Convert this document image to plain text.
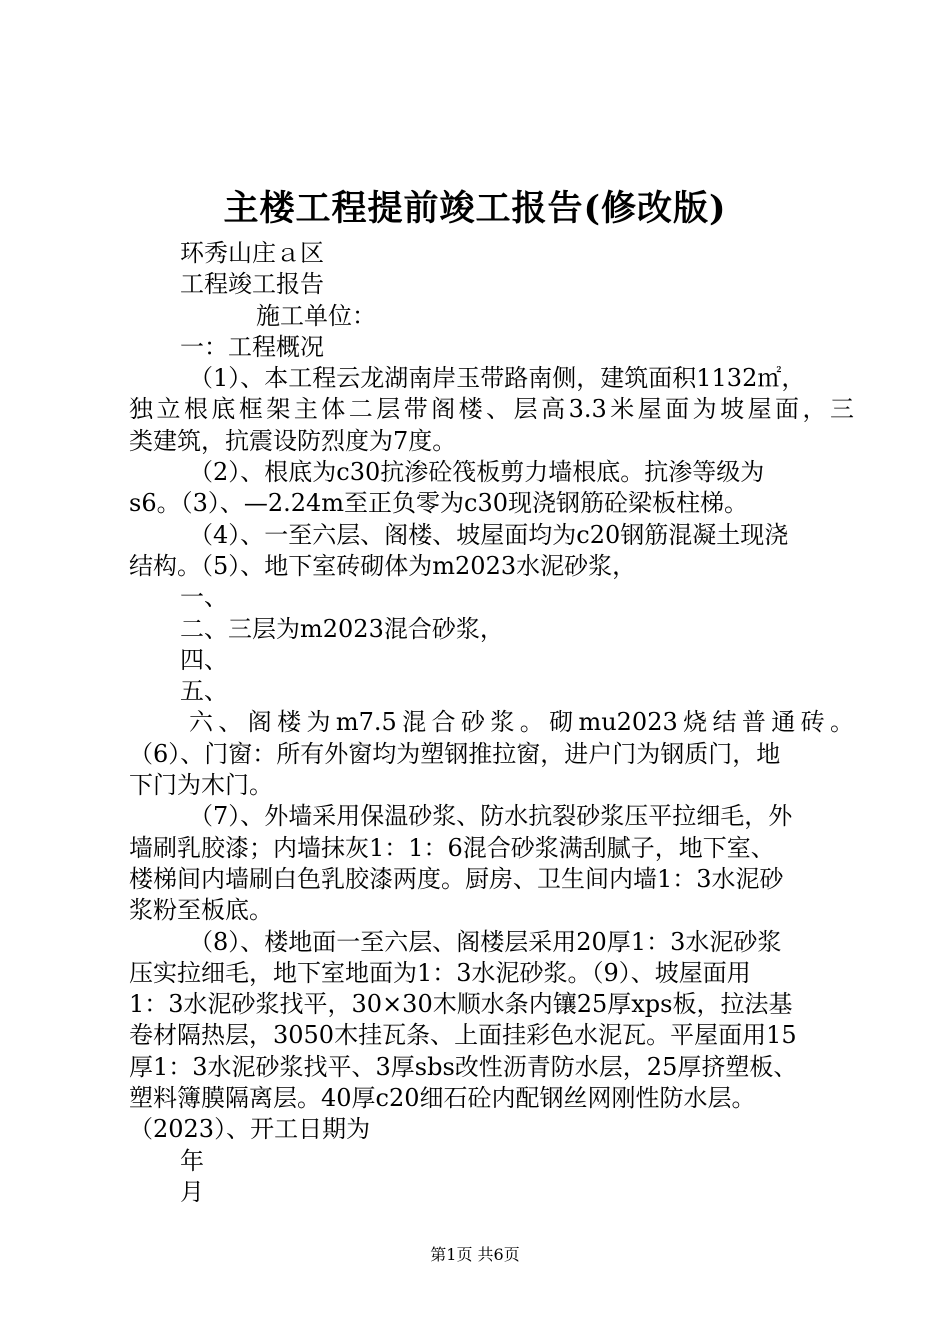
主楼工程提前竣工报告(修改版)
环秀山庄ａ区
工程竣工报告
施工单位：
一：工程概况
（1）、本工程云龙湖南岸玉带路南侧，建筑面积1132㎡，
独立根底框架主体二层带阁楼、层高3.3米屋面为坡屋面，三
类建筑，抗震设防烈度为7度。
（2）、根底为c30抗渗砼筏板剪力墙根底。抗渗等级为
s6。（3）、—2.24m至正负零为c30现浇钢筋砼梁板柱梯。
（4）、一至六层、阁楼、坡屋面均为c20钢筋混凝土现浇
结构。（5）、地下室砖砌体为m2023水泥砂浆，
一、
二、三层为m2023混合砂浆，
四、
五、
六、阁楼为m7.5混合砂浆。砌mu2023烧结普通砖。
（6）、门窗：所有外窗均为塑钢推拉窗，进户门为钢质门，地
下门为木门。
（7）、外墙采用保温砂浆、防水抗裂砂浆压平拉细毛，外
墙刷乳胶漆；内墙抹灰1：1：6混合砂浆满刮腻子，地下室、
楼梯间内墙刷白色乳胶漆两度。厨房、卫生间内墙1：3水泥砂
浆粉至板底。
（8）、楼地面一至六层、阁楼层采用20厚1：3水泥砂浆
压实拉细毛，地下室地面为1：3水泥砂浆。（9）、坡屋面用
1：3水泥砂浆找平，30×30木顺水条内镶25厚xps板，拉法基
卷材隔热层，3050木挂瓦条、上面挂彩色水泥瓦。平屋面用15
厚1：3水泥砂浆找平、3厚sbs改性沥青防水层，25厚挤塑板、
塑料簿膜隔离层。40厚c20细石砼内配钢丝网刚性防水层。
（2023）、开工日期为
年
月
第1页 共6页
